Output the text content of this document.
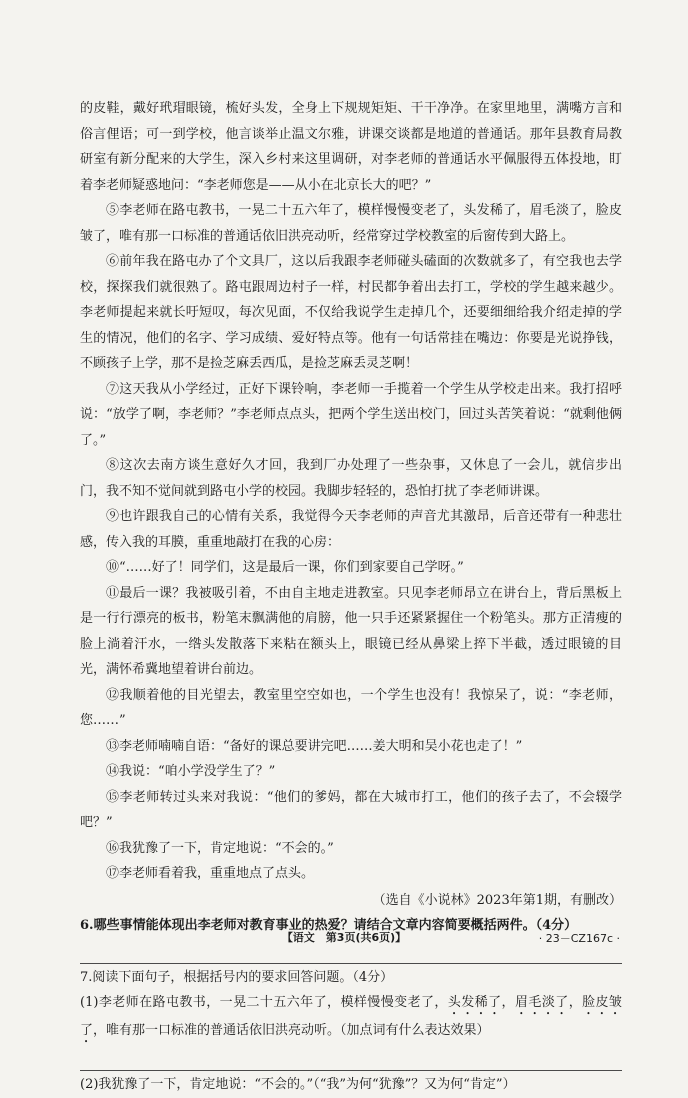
的皮鞋，戴好玳瑁眼镜，梳好头发，全身上下规规矩矩、干干净净。在家里地里，满嘴方言和俗言俚语；可一到学校，他言谈举止温文尔雅，讲课交谈都是地道的普通话。那年县教育局教研室有新分配来的大学生，深入乡村来这里调研，对李老师的普通话水平佩服得五体投地，盯着李老师疑惑地问：“李老师您是——从小在北京长大的吧？”

⑤李老师在路屯教书，一晃二十五六年了，模样慢慢变老了，头发稀了，眉毛淡了，脸皮皱了，唯有那一口标准的普通话依旧洪亮动听，经常穿过学校教室的后窗传到大路上。

⑥前年我在路屯办了个文具厂，这以后我跟李老师碰头磕面的次数就多了，有空我也去学校，探探我们就很熟了。路屯跟周边村子一样，村民都争着出去打工，学校的学生越来越少。李老师提起来就长吁短叹，每次见面，不仅给我说学生走掉几个，还要细细给我介绍走掉的学生的情况，他们的名字、学习成绩、爱好特点等。他有一句话常挂在嘴边：你要是光说挣钱，不顾孩子上学，那不是捡芝麻丢西瓜，是捡芝麻丢灵芝啊！

⑦这天我从小学经过，正好下课铃响，李老师一手揽着一个学生从学校走出来。我打招呼说：“放学了啊，李老师？”李老师点点头，把两个学生送出校门，回过头苦笑着说：“就剩他俩了。”

⑧这次去南方谈生意好久才回，我到厂办处理了一些杂事，又休息了一会儿，就信步出门，我不知不觉间就到路屯小学的校园。我脚步轻轻的，恐怕打扰了李老师讲课。

⑨也许跟我自己的心情有关系，我觉得今天李老师的声音尤其激昂，后音还带有一种悲壮感，传入我的耳膜，重重地敲打在我的心房：

⑩“……好了！同学们，这是最后一课，你们到家要自己学呀。”

⑪最后一课？我被吸引着，不由自主地走进教室。只见李老师昂立在讲台上，背后黑板上是一行行漂亮的板书，粉笔末飘满他的肩膀，他一只手还紧紧握住一个粉笔头。那方正清瘦的脸上淌着汗水，一绺头发散落下来粘在额头上，眼镜已经从鼻梁上捽下半截，透过眼镜的目光，满怀希冀地望着讲台前边。

⑫我顺着他的目光望去，教室里空空如也，一个学生也没有！我惊呆了，说：“李老师，您……”

⑬李老师喃喃自语：“备好的课总要讲完吧……姜大明和吴小花也走了！”

⑭我说：“咱小学没学生了？”

⑮李老师转过头来对我说：“他们的爹妈，都在大城市打工，他们的孩子去了，不会辍学吧？”

⑯我犹豫了一下，肯定地说：“不会的。”

⑰李老师看着我，重重地点了点头。

（选自《小说林》2023年第1期，有删改）

6.哪些事情能体现出李老师对教育事业的热爱？请结合文章内容简要概括两件。（4分）

7.阅读下面句子，根据括号内的要求回答问题。（4分）

(1)李老师在路屯教书，一晃二十五六年了，模样慢慢变老了，头发稀了，眉毛淡了，脸皮皱了，唯有那一口标准的普通话依旧洪亮动听。（加点词有什么表达效果）

(2)我犹豫了一下，肯定地说：“不会的。”（“我”为何“犹豫”？又为何“肯定”）

【语文　第3页(共6页)】	· 23－CZ167c ·
